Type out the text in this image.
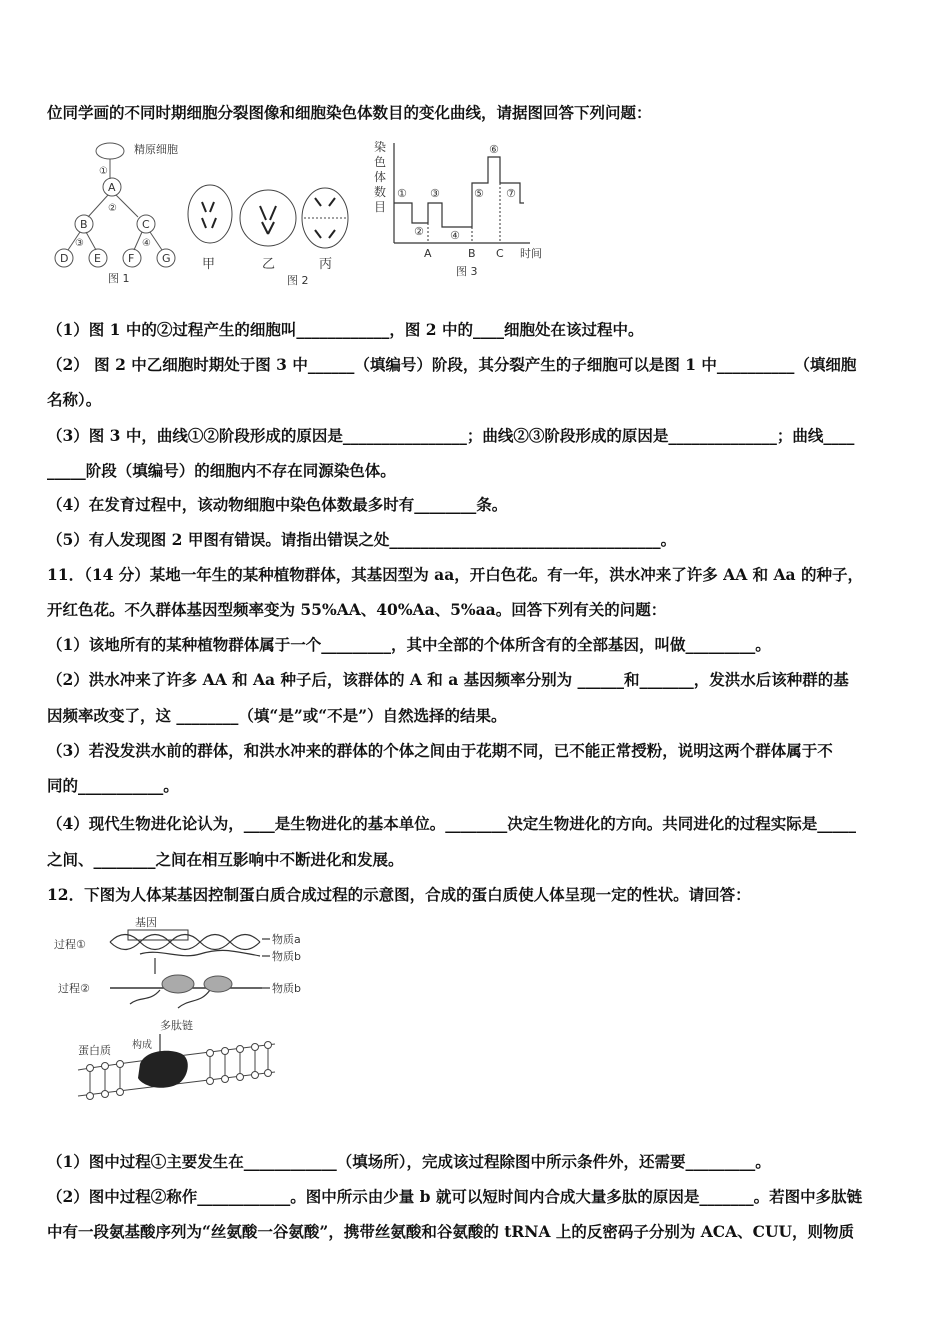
位同学画的不同时期细胞分裂图像和细胞染色体数目的变化曲线，请据图回答下列问题：
精原细胞
①
②
③	④
A
B	C
D E F	G
图 1
甲	乙	丙
图 2
染
色
体
数
目
①
②
③
④
⑤
⑥
⑦
A	B C 时间
图 3
（1）图 1 中的②过程产生的细胞叫____________，图 2 中的____细胞处在该过程中。
（2） 图 2 中乙细胞时期处于图 3 中______（填编号）阶段，其分裂产生的子细胞可以是图 1 中__________（填细胞
名称）。
（3）图 3 中，曲线①②阶段形成的原因是________________；曲线②③阶段形成的原因是______________；曲线____
_____阶段（填编号）的细胞内不存在同源染色体。
（4）在发育过程中，该动物细胞中染色体数最多时有________条。
（5）有人发现图 2 甲图有错误。请指出错误之处___________________________________。
11．（14 分）某地一年生的某种植物群体，其基因型为 aa，开白色花。有一年，洪水冲来了许多 AA 和 Aa 的种子，
开红色花。不久群体基因型频率变为 55%AA、40%Aa、5%aa。回答下列有关的问题：
（1）该地所有的某种植物群体属于一个_________，其中全部的个体所含有的全部基因，叫做_________。
（2）洪水冲来了许多 AA 和 Aa 种子后，该群体的 A 和 a 基因频率分别为 ______和_______，发洪水后该种群的基
因频率改变了，这 ________（填“是”或“不是”）自然选择的结果。
（3）若没发洪水前的群体，和洪水冲来的群体的个体之间由于花期不同，已不能正常授粉，说明这两个群体属于不
同的___________。
（4）现代生物进化论认为，____是生物进化的基本单位。________决定生物进化的方向。共同进化的过程实际是_____
之间、________之间在相互影响中不断进化和发展。
12．下图为人体某基因控制蛋白质合成过程的示意图，合成的蛋白质使人体呈现一定的性状。请回答：
基因
过程①
过程②
物质a
物质b
物质b
多肽链
构成
蛋白质
（1）图中过程①主要发生在____________（填场所），完成该过程除图中所示条件外，还需要_________。
（2）图中过程②称作____________。图中所示由少量 b 就可以短时间内合成大量多肽的原因是_______。若图中多肽链
中有一段氨基酸序列为“丝氨酸一谷氨酸”，携带丝氨酸和谷氨酸的 tRNA 上的反密码子分别为 ACA、CUU，则物质
